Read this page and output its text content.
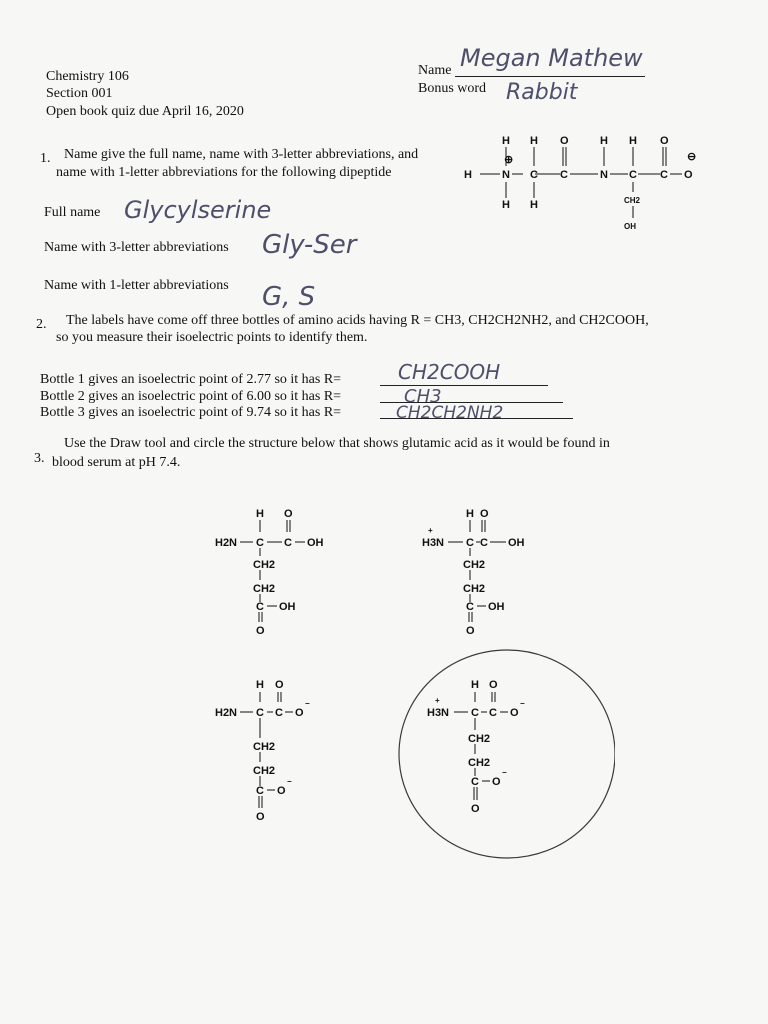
Chemistry 106
Section 001
Open book quiz due April 16, 2020
Name Megan Mathew
Bonus word Rabbit
1. Name give the full name, name with 3-letter abbreviations, and
name with 1-letter abbreviations for the following dipeptide
Full name Glycylserine
Name with 3-letter abbreviations Gly-Ser
Name with 1-letter abbreviations G, S
H	N C C	N C C O
H H O	H H O
H H	CH2
OH
⊕	⊖
2. The labels have come off three bottles of amino acids having R = CH3, CH2CH2NH2, and CH2COOH,
so you measure their isoelectric points to identify them.
Bottle 1 gives an isoelectric point of 2.77 so it has R=	CH2COOH
Bottle 2 gives an isoelectric point of 6.00 so it has R=	CH3
Bottle 3 gives an isoelectric point of 9.74 so it has R=	CH2CH2NH2
3.
Use the Draw tool and circle the structure below that shows glutamic acid as it would be found in
blood serum at pH 7.4.
H O
H2N C C OH
CH2
CH2
C OH
O
H O
+
H3N C C OH
CH2
CH2
C OH
O
H O
H2N C C O
−
CH2
CH2
C O
−
O
H O
+
H3N C C O
−
CH2
CH2
C O
−
O
